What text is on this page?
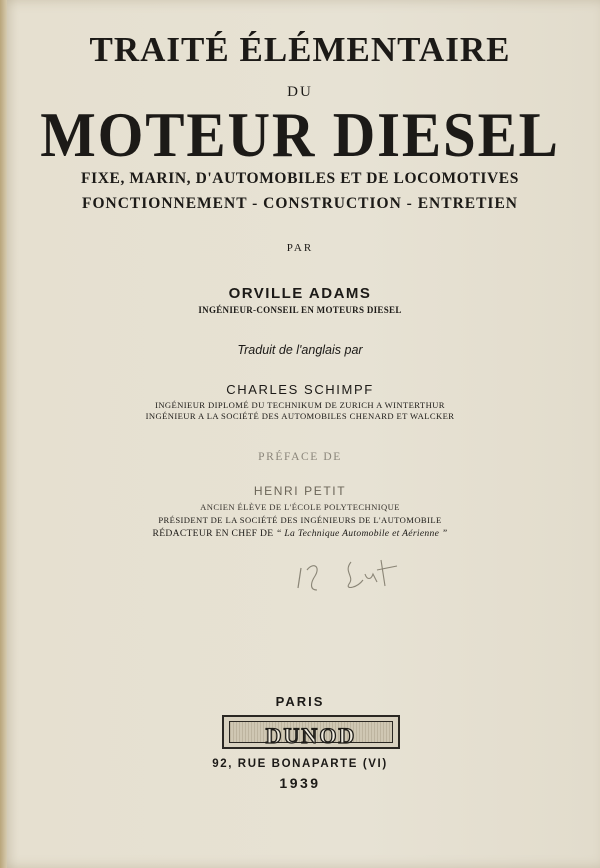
TRAITÉ ÉLÉMENTAIRE
DU
MOTEUR DIESEL
FIXE, MARIN, D'AUTOMOBILES ET DE LOCOMOTIVES
FONCTIONNEMENT - CONSTRUCTION - ENTRETIEN
PAR
ORVILLE ADAMS
INGÉNIEUR-CONSEIL EN MOTEURS DIESEL
Traduit de l'anglais par
CHARLES SCHIMPF
INGÉNIEUR DIPLOMÉ DU TECHNIKUM DE ZURICH A WINTERTHUR
INGÉNIEUR A LA SOCIÉTÉ DES AUTOMOBILES CHENARD ET WALCKER
PRÉFACE DE
HENRI PETIT
ANCIEN ÉLÈVE DE L'ÉCOLE POLYTECHNIQUE
PRÉSIDENT DE LA SOCIÉTÉ DES INGÉNIEURS DE L'AUTOMOBILE
RÉDACTEUR EN CHEF DE “ La Technique Automobile et Aérienne ”
PARIS
DUNOD
92, RUE BONAPARTE (VI)
1939
